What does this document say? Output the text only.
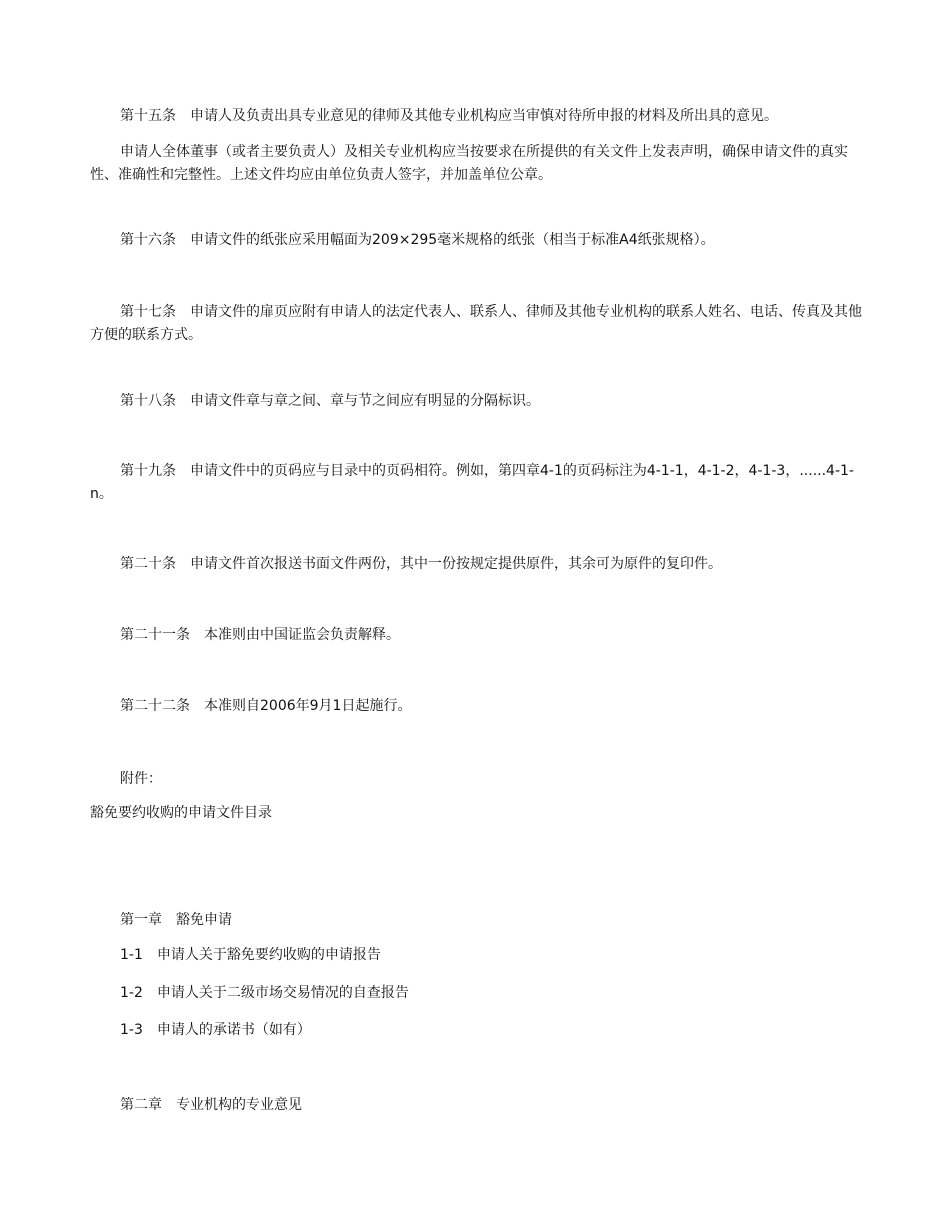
第十五条　申请人及负责出具专业意见的律师及其他专业机构应当审慎对待所申报的材料及所出具的意见。

申请人全体董事（或者主要负责人）及相关专业机构应当按要求在所提供的有关文件上发表声明，确保申请文件的真实性、准确性和完整性。上述文件均应由单位负责人签字，并加盖单位公章。

第十六条　申请文件的纸张应采用幅面为209×295毫米规格的纸张（相当于标准A4纸张规格）。

第十七条　申请文件的扉页应附有申请人的法定代表人、联系人、律师及其他专业机构的联系人姓名、电话、传真及其他方便的联系方式。

第十八条　申请文件章与章之间、章与节之间应有明显的分隔标识。

第十九条　申请文件中的页码应与目录中的页码相符。例如，第四章4-1的页码标注为4-1-1，4-1-2，4-1-3，......4-1-n。

第二十条　申请文件首次报送书面文件两份，其中一份按规定提供原件，其余可为原件的复印件。

第二十一条　本准则由中国证监会负责解释。

第二十二条　本准则自2006年9月1日起施行。

附件：

豁免要约收购的申请文件目录

第一章　豁免申请

1-1　申请人关于豁免要约收购的申请报告

1-2　申请人关于二级市场交易情况的自查报告

1-3　申请人的承诺书（如有）

第二章　专业机构的专业意见
